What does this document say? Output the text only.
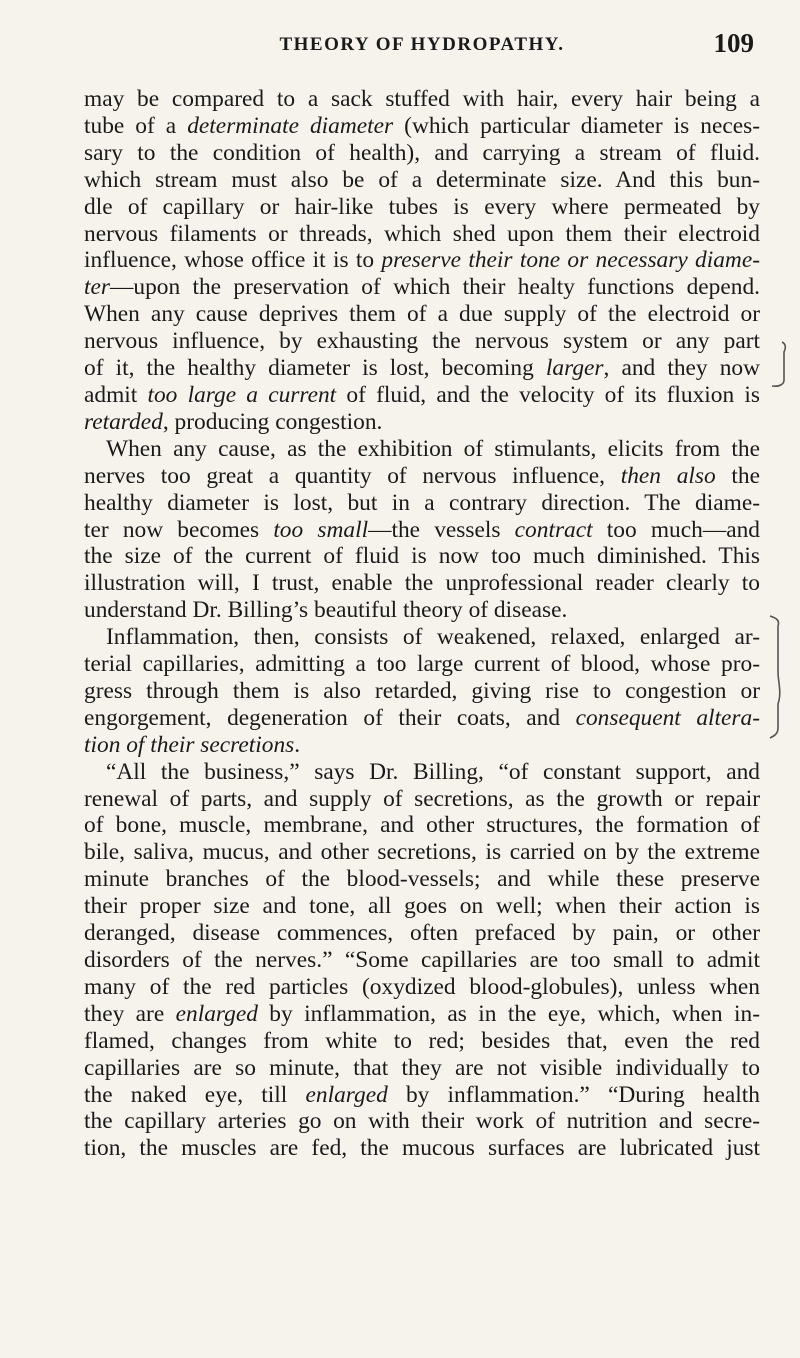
THEORY OF HYDROPATHY.	109
may be compared to a sack stuffed with hair, every hair being a
tube of a determinate diameter (which particular diameter is neces-
sary to the condition of health), and carrying a stream of fluid.
which stream must also be of a determinate size. And this bun-
dle of capillary or hair-like tubes is every where permeated by
nervous filaments or threads, which shed upon them their electroid
influence, whose office it is to preserve their tone or necessary diame-
ter—upon the preservation of which their healty functions depend.
When any cause deprives them of a due supply of the electroid or
nervous influence, by exhausting the nervous system or any part
of it, the healthy diameter is lost, becoming larger, and they now
admit too large a current of fluid, and the velocity of its fluxion is
retarded, producing congestion.
When any cause, as the exhibition of stimulants, elicits from the
nerves too great a quantity of nervous influence, then also the
healthy diameter is lost, but in a contrary direction. The diame-
ter now becomes too small—the vessels contract too much—and
the size of the current of fluid is now too much diminished. This
illustration will, I trust, enable the unprofessional reader clearly to
understand Dr. Billing’s beautiful theory of disease.
Inflammation, then, consists of weakened, relaxed, enlarged ar-
terial capillaries, admitting a too large current of blood, whose pro-
gress through them is also retarded, giving rise to congestion or
engorgement, degeneration of their coats, and consequent altera-
tion of their secretions.
“All the business,” says Dr. Billing, “of constant support, and
renewal of parts, and supply of secretions, as the growth or repair
of bone, muscle, membrane, and other structures, the formation of
bile, saliva, mucus, and other secretions, is carried on by the extreme
minute branches of the blood-vessels; and while these preserve
their proper size and tone, all goes on well; when their action is
deranged, disease commences, often prefaced by pain, or other
disorders of the nerves.” “Some capillaries are too small to admit
many of the red particles (oxydized blood-globules), unless when
they are enlarged by inflammation, as in the eye, which, when in-
flamed, changes from white to red; besides that, even the red
capillaries are so minute, that they are not visible individually to
the naked eye, till enlarged by inflammation.” “During health
the capillary arteries go on with their work of nutrition and secre-
tion, the muscles are fed, the mucous surfaces are lubricated just
